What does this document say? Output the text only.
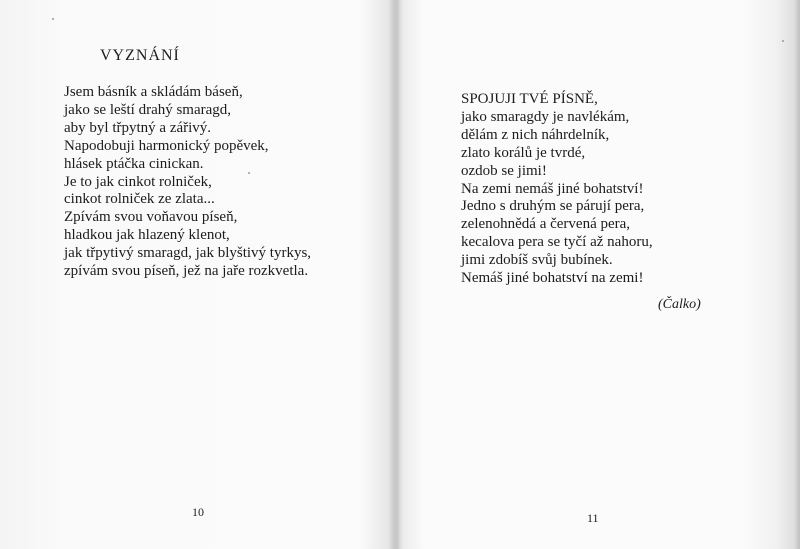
VYZNÁNÍ
Jsem básník a skládám báseň,
jako se leští drahý smaragd,
aby byl třpytný a zářivý.
Napodobuji harmonický popěvek,
hlásek ptáčka cinickan.
Je to jak cinkot rolniček,
cinkot rolniček ze zlata...
Zpívám svou voňavou píseň,
hladkou jak hlazený klenot,
jak třpytivý smaragd, jak blyštivý tyrkys,
zpívám svou píseň, jež na jaře rozkvetla.
10
SPOJUJI TVÉ PÍSNĚ,
jako smaragdy je navlékám,
dělám z nich náhrdelník,
zlato korálů je tvrdé,
ozdob se jimi!
Na zemi nemáš jiné bohatství!
Jedno s druhým se párují pera,
zelenohnědá a červená pera,
kecalova pera se tyčí až nahoru,
jimi zdobíš svůj bubínek.
Nemáš jiné bohatství na zemi!
(Čalko)
11
